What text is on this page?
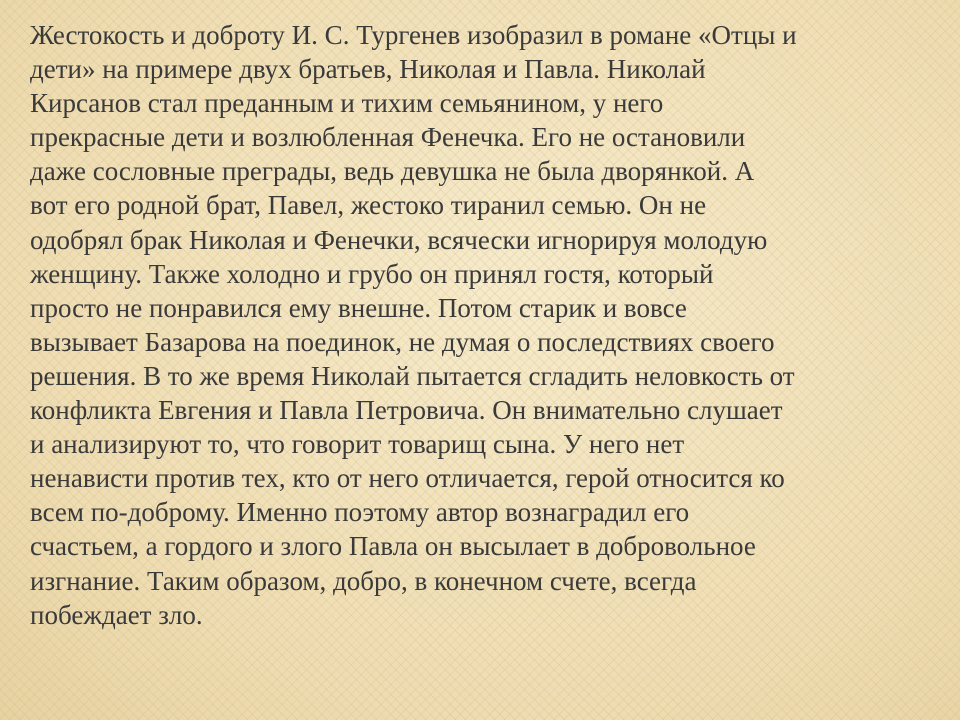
Жестокость и доброту И. С. Тургенев изобразил в романе «Отцы и
дети» на примере двух братьев, Николая и Павла. Николай
Кирсанов стал преданным и тихим семьянином, у него
прекрасные дети и возлюбленная Фенечка. Его не остановили
даже сословные преграды, ведь девушка не была дворянкой. А
вот его родной брат, Павел, жестоко тиранил семью. Он не
одобрял брак Николая и Фенечки, всячески игнорируя молодую
женщину. Также холодно и грубо он принял гостя, который
просто не понравился ему внешне. Потом старик и вовсе
вызывает Базарова на поединок, не думая о последствиях своего
решения. В то же время Николай пытается сгладить неловкость от
конфликта Евгения и Павла Петровича. Он внимательно слушает
и анализируют то, что говорит товарищ сына. У него нет
ненависти против тех, кто от него отличается, герой относится ко
всем по-доброму. Именно поэтому автор вознаградил его
счастьем, а гордого и злого Павла он высылает в добровольное
изгнание. Таким образом, добро, в конечном счете, всегда
побеждает зло.
